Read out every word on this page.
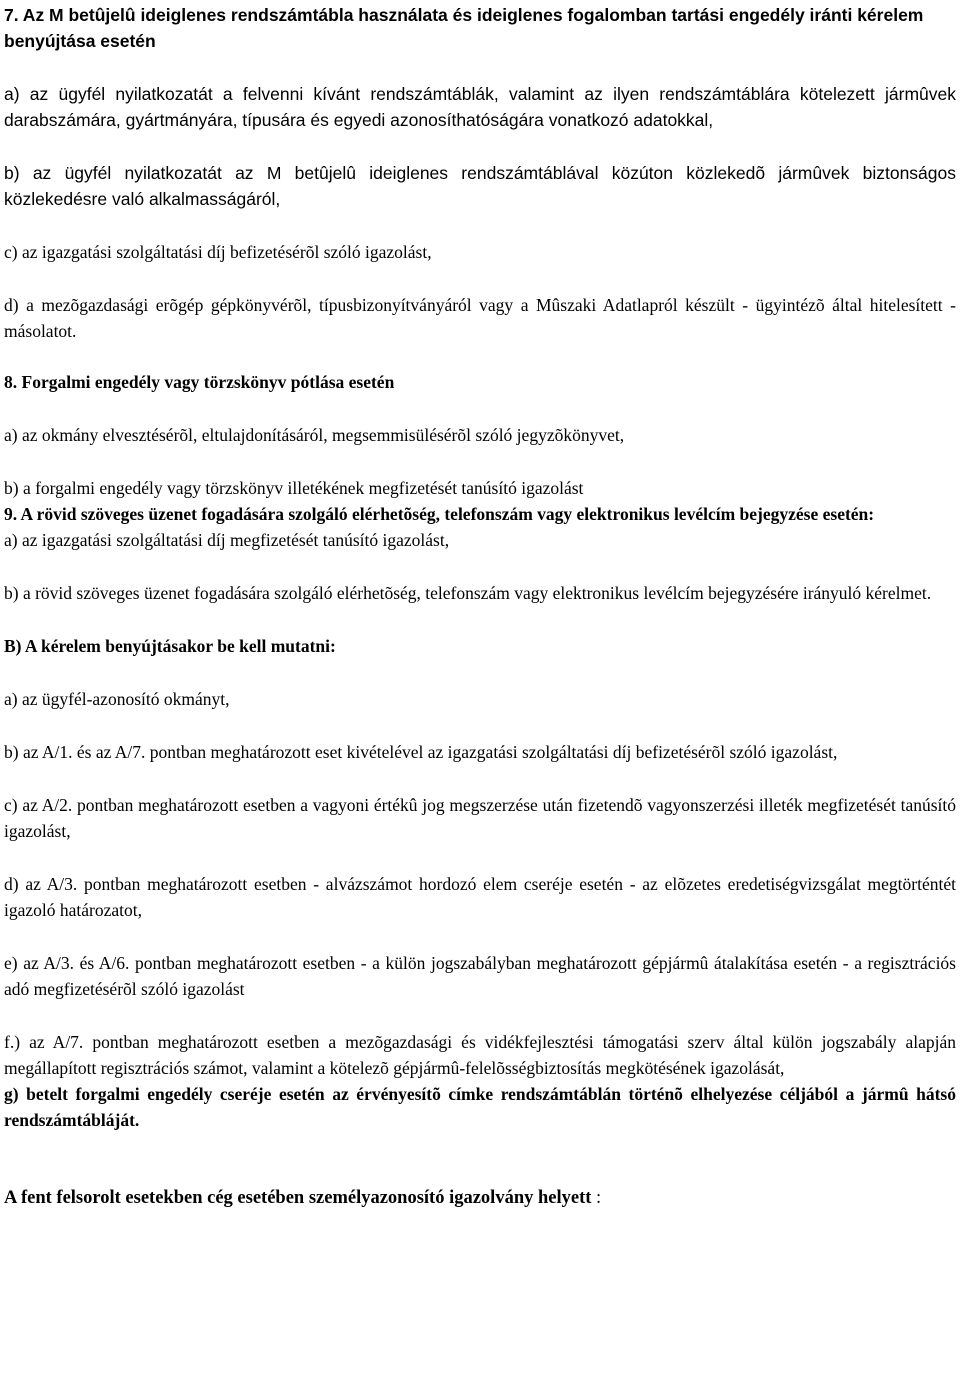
7. Az M betûjelû ideiglenes rendszámtábla használata és ideiglenes fogalomban tartási engedély iránti kérelem benyújtása esetén

a) az ügyfél nyilatkozatát a felvenni kívánt rendszámtáblák, valamint az ilyen rendszámtáblára kötelezett jármûvek darabszámára, gyártmányára, típusára és egyedi azonosíthatóságára vonatkozó adatokkal,

b) az ügyfél nyilatkozatát az M betûjelû ideiglenes rendszámtáblával közúton közlekedõ jármûvek biztonságos közlekedésre való alkalmasságáról,

c) az igazgatási szolgáltatási díj befizetésérõl szóló igazolást,

d) a mezõgazdasági erõgép gépkönyvérõl, típusbizonyítványáról vagy a Mûszaki Adatlapról készült - ügyintézõ által hitelesített - másolatot.

8. Forgalmi engedély vagy törzskönyv pótlása esetén

a) az okmány elvesztésérõl, eltulajdonításáról, megsemmisülésérõl szóló jegyzõkönyvet,

b) a forgalmi engedély vagy törzskönyv illetékének megfizetését tanúsító igazolást

9. A rövid szöveges üzenet fogadására szolgáló elérhetõség, telefonszám vagy elektronikus levélcím bejegyzése esetén:

a) az igazgatási szolgáltatási díj megfizetését tanúsító igazolást,

b) a rövid szöveges üzenet fogadására szolgáló elérhetõség, telefonszám vagy elektronikus levélcím bejegyzésére irányuló kérelmet.

B) A kérelem benyújtásakor be kell mutatni:

a) az ügyfél-azonosító okmányt,

b) az A/1. és az A/7. pontban meghatározott eset kivételével az igazgatási szolgáltatási díj befizetésérõl szóló igazolást,

c) az A/2. pontban meghatározott esetben a vagyoni értékû jog megszerzése után fizetendõ vagyonszerzési illeték megfizetését tanúsító igazolást,

d) az A/3. pontban meghatározott esetben - alvázszámot hordozó elem cseréje esetén - az elõzetes eredetiségvizsgálat megtörténtét igazoló határozatot,

e) az A/3. és A/6. pontban meghatározott esetben - a külön jogszabályban meghatározott gépjármû átalakítása esetén - a regisztrációs adó megfizetésérõl szóló igazolást

f.) az A/7. pontban meghatározott esetben a mezõgazdasági és vidékfejlesztési támogatási szerv által külön jogszabály alapján megállapított regisztrációs számot, valamint a kötelezõ gépjármû-felelõsségbiztosítás megkötésének igazolását,

g) betelt forgalmi engedély cseréje esetén az érvényesítõ címke rendszámtáblán történõ elhelyezése céljából a jármû hátsó rendszámtábláját.

A fent felsorolt esetekben cég esetében személyazonosító igazolvány helyett :
